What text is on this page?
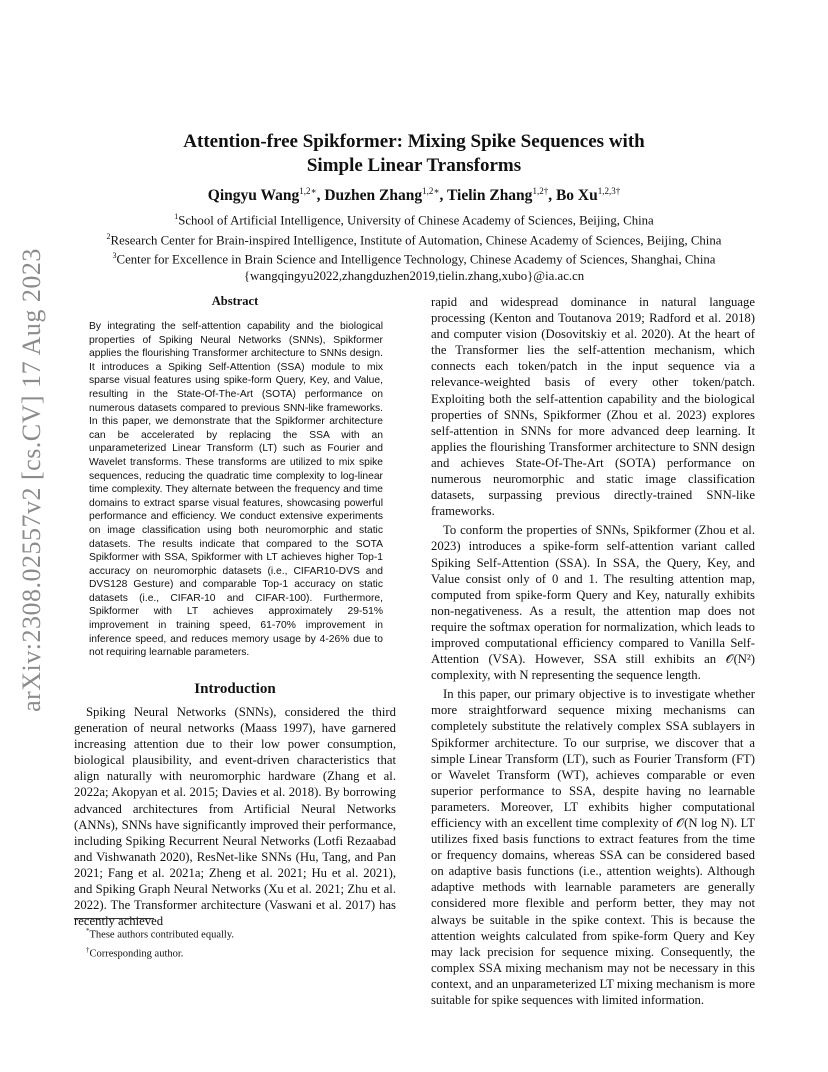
arXiv:2308.02557v2 [cs.CV] 17 Aug 2023
Attention-free Spikformer: Mixing Spike Sequences with
Simple Linear Transforms
Qingyu Wang$^{1,2∗}$, Duzhen Zhang$^{1,2∗}$, Tielin Zhang$^{1,2\dagger}$, Bo $Xu^{1,2,3\dagger}$
$^1$School of Artificial Intelligence, University of Chinese Academy of Sciences, Beijing, China
$^2$Research Center for Brain-inspired Intelligence, Institute of Automation, Chinese Academy of Sciences, Beijing, China
$^3$Center for Excellence in Brain Science and Intelligence Technology, Chinese Academy of Sciences, Shanghai, China
{wangqingyu2022,zhangduzhen2019,tielin.zhang,xubo}@ia.ac.cn
Abstract
By integrating the self-attention capability and the biological properties of Spiking Neural Networks (SNNs), Spikformer applies the flourishing Transformer architecture to SNNs design. It introduces a Spiking Self-Attention (SSA) module to mix sparse visual features using spike-form Query, Key, and Value, resulting in the State-Of-The-Art (SOTA) performance on numerous datasets compared to previous SNN-like frameworks. In this paper, we demonstrate that the Spikformer architecture can be accelerated by replacing the SSA with an unparameterized Linear Transform (LT) such as Fourier and Wavelet transforms. These transforms are utilized to mix spike sequences, reducing the quadratic time complexity to log-linear time complexity. They alternate between the frequency and time domains to extract sparse visual features, showcasing powerful performance and efficiency. We conduct extensive experiments on image classification using both neuromorphic and static datasets. The results indicate that compared to the SOTA Spikformer with SSA, Spikformer with LT achieves higher Top-1 accuracy on neuromorphic datasets (i.e., CIFAR10-DVS and DVS128 Gesture) and comparable Top-1 accuracy on static datasets (i.e., CIFAR-10 and CIFAR-100). Furthermore, Spikformer with LT achieves approximately 29-51% improvement in training speed, 61-70% improvement in inference speed, and reduces memory usage by 4-26% due to not requiring learnable parameters.
Introduction

Spiking Neural Networks (SNNs), considered the third generation of neural networks (Maass 1997), have garnered increasing attention due to their low power consumption, biological plausibility, and event-driven characteristics that align naturally with neuromorphic hardware (Zhang et al. 2022a; Akopyan et al. 2015; Davies et al. 2018). By borrowing advanced architectures from Artificial Neural Networks (ANNs), SNNs have significantly improved their performance, including Spiking Recurrent Neural Networks (Lotfi Rezaabad and Vishwanath 2020), ResNet-like SNNs (Hu, Tang, and Pan 2021; Fang et al. 2021a; Zheng et al. 2021; Hu et al. 2021), and Spiking Graph Neural Networks (Xu et al. 2021; Zhu et al. 2022). The Transformer architecture (Vaswani et al. 2017) has recently achieved

*These authors contributed equally.
†Corresponding author.

rapid and widespread dominance in natural language processing (Kenton and Toutanova 2019; Radford et al. 2018) and computer vision (Dosovitskiy et al. 2020). At the heart of the Transformer lies the self-attention mechanism, which connects each token/patch in the input sequence via a relevance-weighted basis of every other token/patch. Exploiting both the self-attention capability and the biological properties of SNNs, Spikformer (Zhou et al. 2023) explores self-attention in SNNs for more advanced deep learning. It applies the flourishing Transformer architecture to SNN design and achieves State-Of-The-Art (SOTA) performance on numerous neuromorphic and static image classification datasets, surpassing previous directly-trained SNN-like frameworks.

To conform the properties of SNNs, Spikformer (Zhou et al. 2023) introduces a spike-form self-attention variant called Spiking Self-Attention (SSA). In SSA, the Query, Key, and Value consist only of 0 and 1. The resulting attention map, computed from spike-form Query and Key, naturally exhibits non-negativeness. As a result, the attention map does not require the softmax operation for normalization, which leads to improved computational efficiency compared to Vanilla Self-Attention (VSA). However, SSA still exhibits an 𝒪(N²) complexity, with N representing the sequence length.

In this paper, our primary objective is to investigate whether more straightforward sequence mixing mechanisms can completely substitute the relatively complex SSA sublayers in Spikformer architecture. To our surprise, we discover that a simple Linear Transform (LT), such as Fourier Transform (FT) or Wavelet Transform (WT), achieves comparable or even superior performance to SSA, despite having no learnable parameters. Moreover, LT exhibits higher computational efficiency with an excellent time complexity of 𝒪(N log N). LT utilizes fixed basis functions to extract features from the time or frequency domains, whereas SSA can be considered based on adaptive basis functions (i.e., attention weights). Although adaptive methods with learnable parameters are generally considered more flexible and perform better, they may not always be suitable in the spike context. This is because the attention weights calculated from spike-form Query and Key may lack precision for sequence mixing. Consequently, the complex SSA mixing mechanism may not be necessary in this context, and an unparameterized LT mixing mechanism is more suitable for spike sequences with limited information.
